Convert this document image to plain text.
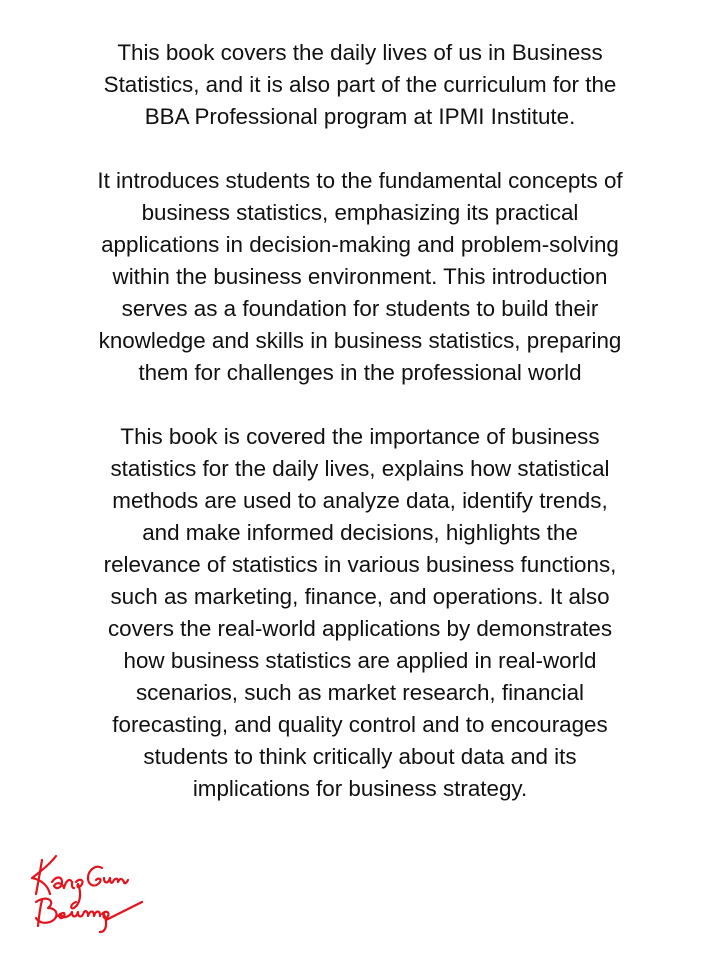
This book covers the daily lives of us in Business
Statistics, and it is also part of the curriculum for the
BBA Professional program at IPMI Institute.

It introduces students to the fundamental concepts of
business statistics, emphasizing its practical
applications in decision-making and problem-solving
within the business environment. This introduction
serves as a foundation for students to build their
knowledge and skills in business statistics, preparing
them for challenges in the professional world

This book is covered the importance of business
statistics for the daily lives, explains how statistical
methods are used to analyze data, identify trends,
and make informed decisions, highlights the
relevance of statistics in various business functions,
such as marketing, finance, and operations. It also
covers the real-world applications by demonstrates
how business statistics are applied in real-world
scenarios, such as market research, financial
forecasting, and quality control and to encourages
students to think critically about data and its
implications for business strategy.
